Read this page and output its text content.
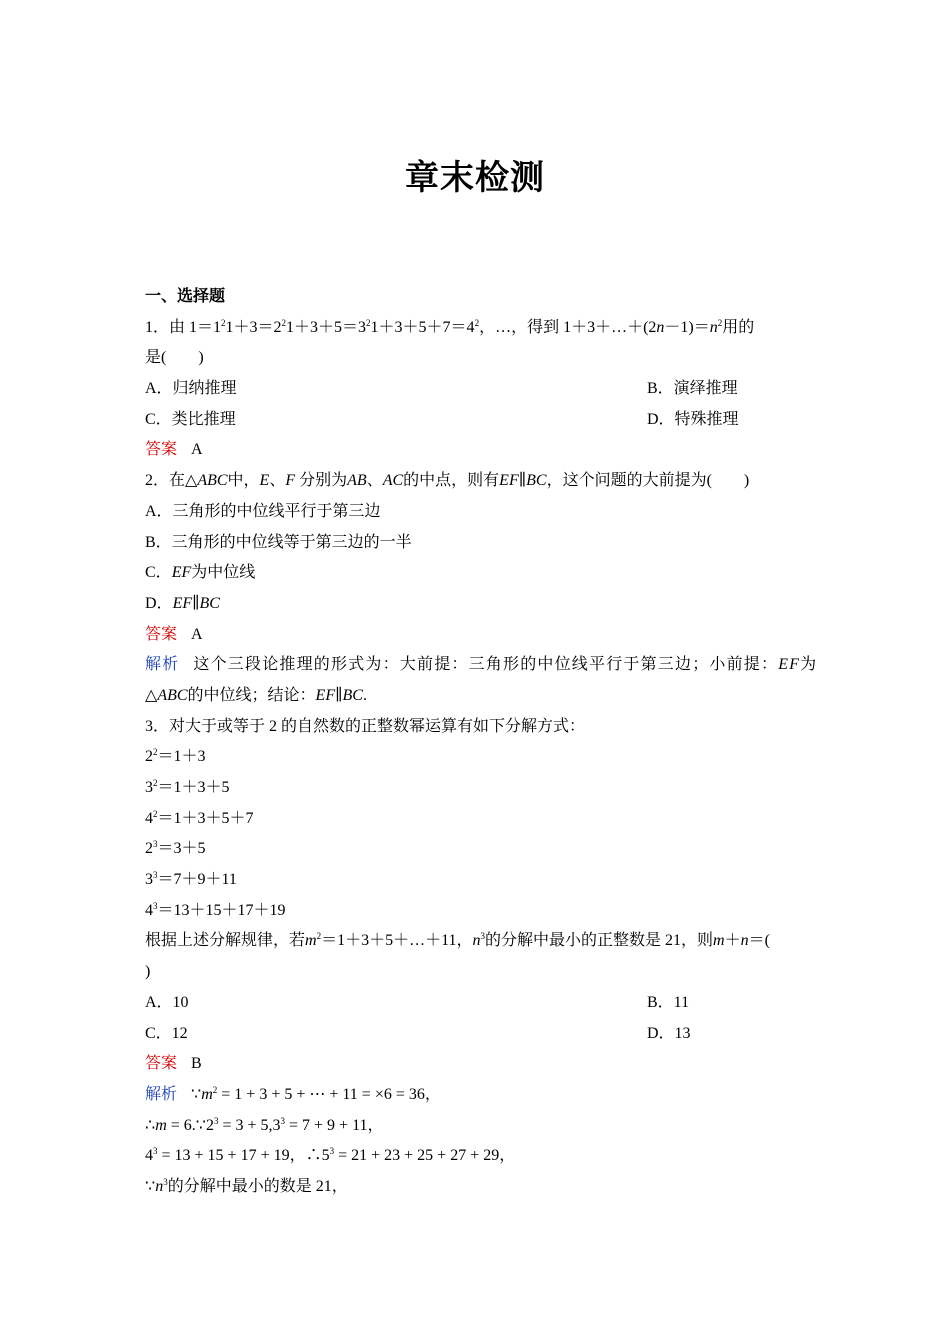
章末检测
一、选择题
1．由 $1=1^21+3=2^21+3+5=3^21+3+5+7=4^2$，…，得到 $1+3+\dots+(2n-1)=n^2$用的
是(　　)
A．归纳推理	B．演绎推理
C．类比推理	D．特殊推理
答案 A
2．在△ABC中，E、F 分别为AB、AC的中点，则有EF∥BC，这个问题的大前提为(　　)
A．三角形的中位线平行于第三边
B．三角形的中位线等于第三边的一半
C．EF为中位线
D．EF∥BC
答案 A
解析 这个三段论推理的形式为：大前提：三角形的中位线平行于第三边；小前提：EF为
△ABC的中位线；结论：EF∥BC.
3．对大于或等于 2 的自然数的正整数幂运算有如下分解方式：
$2^2=1+3$
$3^2=1+3+5$
$4^2=1+3+5+7$
$2^3=3+5$
$3^3=7+9+11$
$4^3=13+15+17+19$
根据上述分解规律，若$m^2=1+3+5+\dots+11$，$n^3$的分解中最小的正整数是 21，则m＋n＝(
)
A．10	B．11
C．12	D．13
答案 B
解析 $\because m^2 = 1 + 3 + 5$ + ⋯ + 11 = ×6 = 36，
∴m = $6.\because 2^3 = 3 + 5,3^3 = 7 + 9 + 11$，
$4^3 = 13 + 15 + 17 + 19$，$\therefore 5^3 = 21 + 23 + 25 + 27 + 29$，
$\because n^3$的分解中最小的数是 21，
